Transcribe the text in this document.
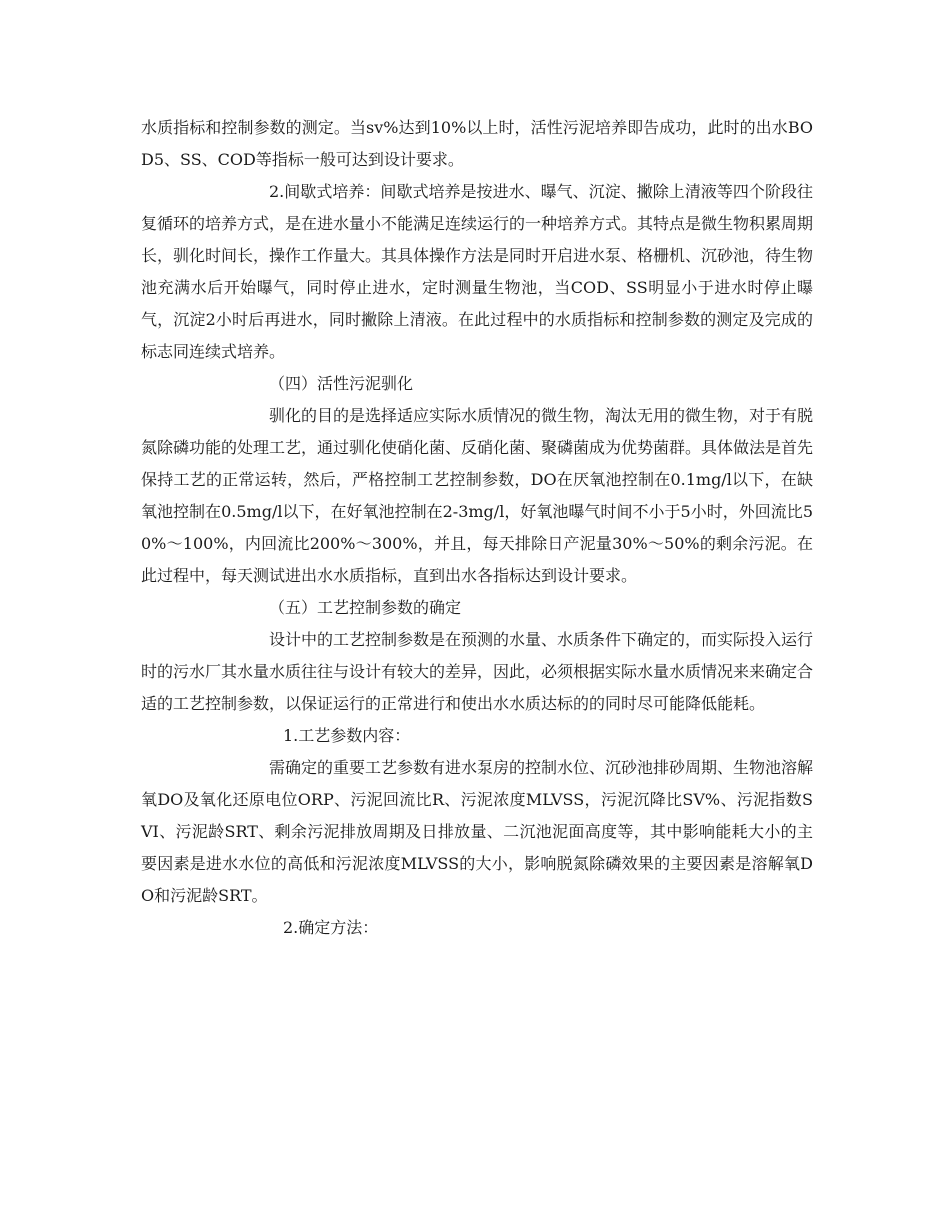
水质指标和控制参数的测定。当sv%达到10%以上时，活性污泥培养即告成功，此时的出水BOD5、SS、COD等指标一般可达到设计要求。

2.间歇式培养：间歇式培养是按进水、曝气、沉淀、撇除上清液等四个阶段往复循环的培养方式，是在进水量小不能满足连续运行的一种培养方式。其特点是微生物积累周期长，驯化时间长，操作工作量大。其具体操作方法是同时开启进水泵、格栅机、沉砂池，待生物池充满水后开始曝气，同时停止进水，定时测量生物池，当COD、SS明显小于进水时停止曝气，沉淀2小时后再进水，同时撇除上清液。在此过程中的水质指标和控制参数的测定及完成的标志同连续式培养。

（四）活性污泥驯化

驯化的目的是选择适应实际水质情况的微生物，淘汰无用的微生物，对于有脱氮除磷功能的处理工艺，通过驯化使硝化菌、反硝化菌、聚磷菌成为优势菌群。具体做法是首先保持工艺的正常运转，然后，严格控制工艺控制参数，DO在厌氧池控制在0.1mg/l以下，在缺氧池控制在0.5mg/l以下，在好氧池控制在2-3mg/l，好氧池曝气时间不小于5小时，外回流比50%～100%，内回流比200%～300%，并且，每天排除日产泥量30%～50%的剩余污泥。在此过程中，每天测试进出水水质指标，直到出水各指标达到设计要求。

（五）工艺控制参数的确定

设计中的工艺控制参数是在预测的水量、水质条件下确定的，而实际投入运行时的污水厂其水量水质往往与设计有较大的差异，因此，必须根据实际水量水质情况来来确定合适的工艺控制参数，以保证运行的正常进行和使出水水质达标的的同时尽可能降低能耗。

1.工艺参数内容：

需确定的重要工艺参数有进水泵房的控制水位、沉砂池排砂周期、生物池溶解氧DO及氧化还原电位ORP、污泥回流比R、污泥浓度MLVSS，污泥沉降比SV%、污泥指数SVI、污泥龄SRT、剩余污泥排放周期及日排放量、二沉池泥面高度等，其中影响能耗大小的主要因素是进水水位的高低和污泥浓度MLVSS的大小，影响脱氮除磷效果的主要因素是溶解氧DO和污泥龄SRT。

2.确定方法：
